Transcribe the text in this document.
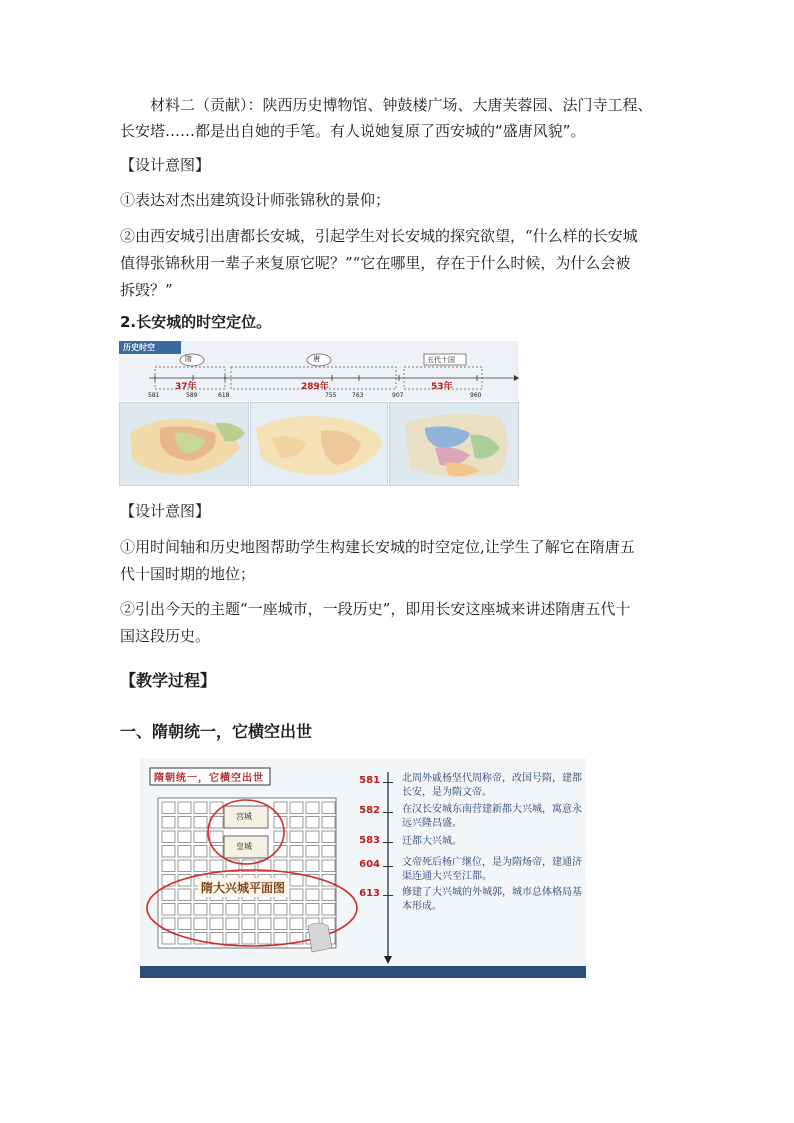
材料二（贡献）：陕西历史博物馆、钟鼓楼广场、大唐芙蓉园、法门寺工程、
长安塔……都是出自她的手笔。有人说她复原了西安城的“盛唐风貌”。
【设计意图】
①表达对杰出建筑设计师张锦秋的景仰；
②由西安城引出唐都长安城，引起学生对长安城的探究欲望，“什么样的长安城
值得张锦秋用一辈子来复原它呢？”“它在哪里，存在于什么时候，为什么会被
拆毁？”
2.长安城的时空定位。
历史时空
隋	唐	五代十国
37年	289年	53年
581	589	618	755	763	907	960
【设计意图】
①用时间轴和历史地图帮助学生构建长安城的时空定位,让学生了解它在隋唐五
代十国时期的地位；
②引出今天的主题“一座城市，一段历史”，即用长安这座城来讲述隋唐五代十
国这段历史。
【教学过程】
一、隋朝统一，它横空出世
隋朝统一，它横空出世
宫城
皇城
隋大兴城平面图
581 北周外戚杨坚代周称帝，改国号隋，建都长安，是为隋文帝。
582 在汉长安城东南营建新都大兴城，寓意永远兴隆昌盛。
583 迁都大兴城。
604 文帝死后杨广继位，是为隋炀帝，建通济渠连通大兴至江都。
613 修建了大兴城的外城郭，城市总体格局基本形成。
